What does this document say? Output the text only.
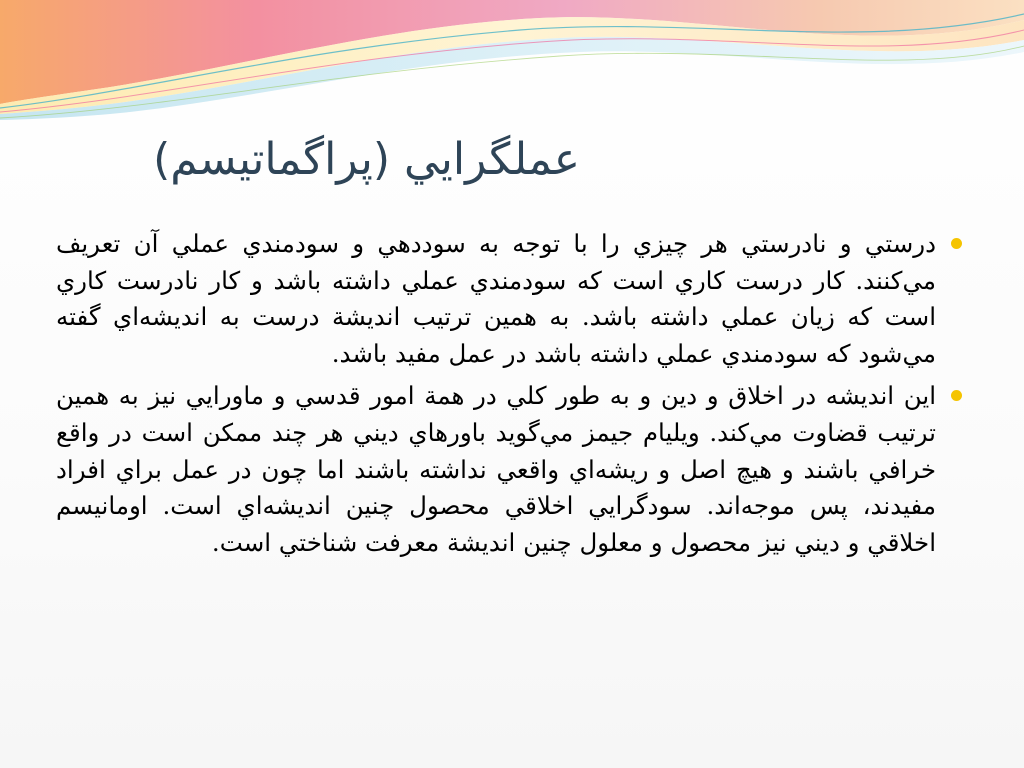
عملگرايي (پراگماتيسم)
درستي و نادرستي هر چيزي را با توجه به سوددهي و سودمندي عملي آن تعريف مي‌كنند. كار درست كاري است كه سودمندي عملي داشته باشد و كار نادرست كاري است كه زيان عملي داشته باشد. به همين ترتيب انديشة درست به انديشه‌اي گفته مي‌شود كه سودمندي عملي داشته باشد در عمل مفيد باشد.
اين انديشه در اخلاق و دين و به طور كلي در همة امور قدسي و ماورايي نيز به همين ترتيب قضاوت مي‌كند. ويليام جيمز مي‌گويد باورهاي ديني هر چند ممكن است در واقع خرافي باشند و هيچ اصل و ريشه‌اي واقعي نداشته باشند اما چون در عمل براي افراد مفيدند، پس موجه‌اند. سودگرايي اخلاقي محصول چنين انديشه‌اي است. اومانيسم اخلاقي و ديني نيز محصول و معلول چنين انديشة معرفت شناختي است.
